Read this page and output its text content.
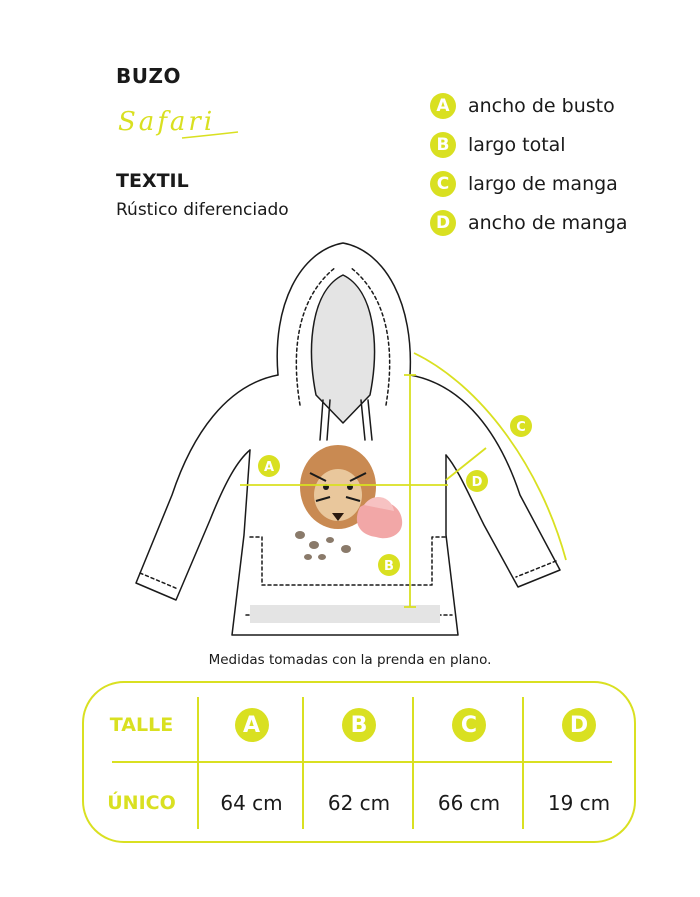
BUZO
Safari
TEXTIL
Rústico diferenciado
A ancho de busto
B largo total
C largo de manga
D ancho de manga
A
B
C
D
Medidas tomadas con la prenda en plano.
TALLE	A	B	C	D
ÚNICO	64 cm	62 cm	66 cm	19 cm
